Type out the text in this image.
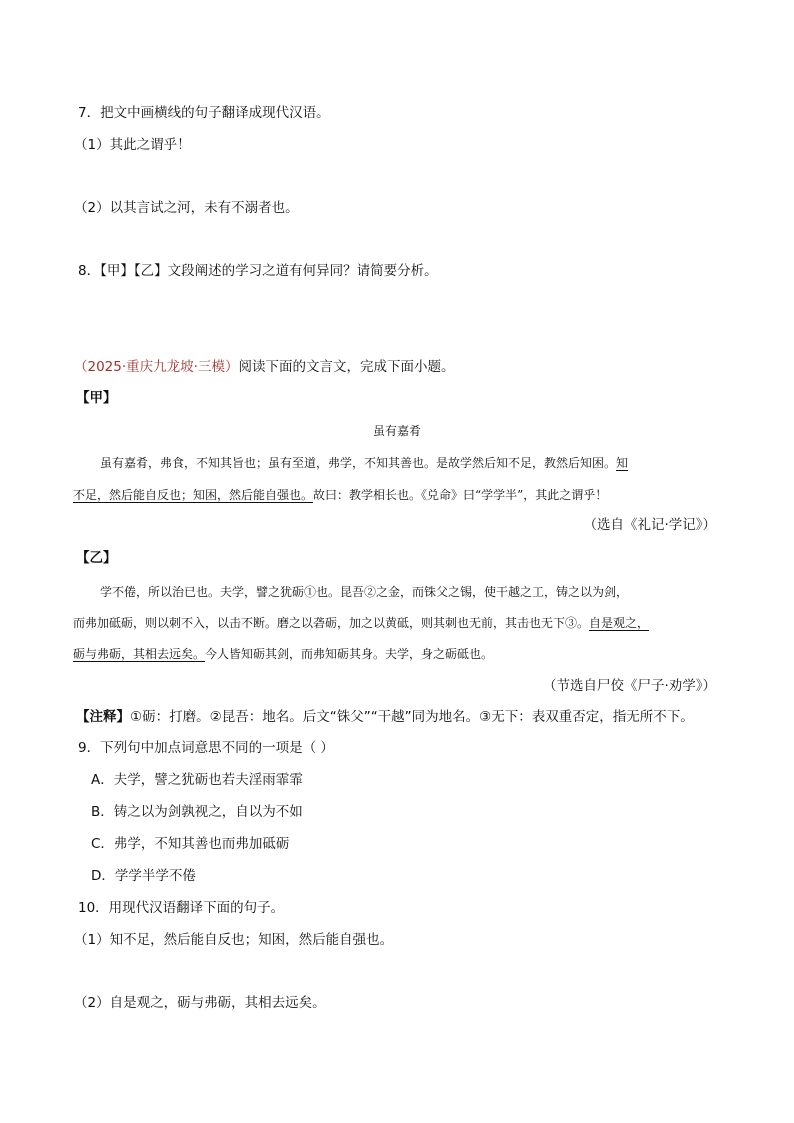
7．把文中画横线的句子翻译成现代汉语。
（1）其此之谓乎！
（2）以其言试之河，未有不溺者也。
8．【甲】【乙】文段阐述的学习之道有何异同？请简要分析。
（2025·重庆九龙坡·三模）阅读下面的文言文，完成下面小题。
【甲】
虽有嘉肴
虽有嘉肴，弗食，不知其旨也；虽有至道，弗学，不知其善也。是故学然后知不足，教然后知困。知
不足，然后能自反也；知困，然后能自强也。故曰：教学相长也。《兑命》曰“学学半”，其此之谓乎！
（选自《礼记·学记》）
【乙】
学不倦，所以治已也。夫学，譬之犹砺①也。昆吾②之金，而铢父之锡，使干越之工，铸之以为剑，
而弗加砥砺，则以刺不入，以击不断。磨之以砻砺，加之以黄砥，则其刺也无前，其击也无下③。自是观之，
砺与弗砺，其相去远矣。今人皆知砺其剑，而弗知砺其身。夫学，身之砺砥也。
（节选自尸佼《尸子·劝学》）
【注释】①砺：打磨。②昆吾：地名。后文“铢父”“干越”同为地名。③无下：表双重否定，指无所不下。
9．下列句中加点词意思不同的一项是（ ）
A．夫学，譬之犹砺也若夫淫雨霏霏
B．铸之以为剑孰视之，自以为不如
C．弗学，不知其善也而弗加砥砺
D．学学半学不倦
10．用现代汉语翻译下面的句子。
（1）知不足，然后能自反也；知困，然后能自强也。
（2）自是观之，砺与弗砺，其相去远矣。
